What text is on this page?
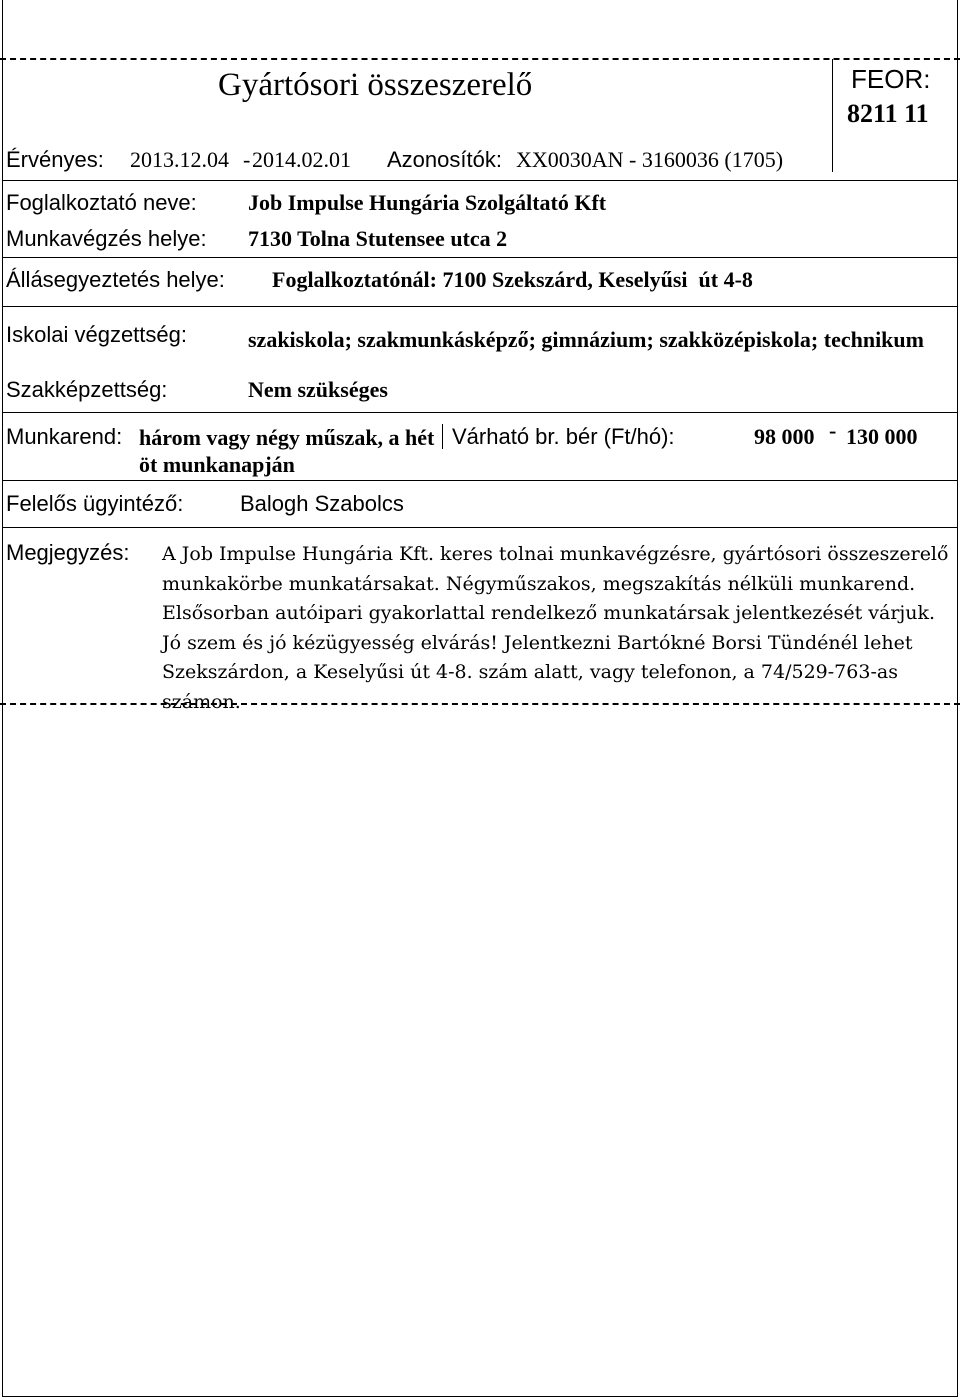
Gyártósori összeszerelő	FEOR:
8211 11
Érvényes: 2013.12.04 - 2014.02.01 Azonosítók: XX0030AN - 3160036 (1705)
Foglalkoztató neve: Job Impulse Hungária Szolgáltató Kft
Munkavégzés helye: 7130 Tolna Stutensee utca 2
Állásegyeztetés helye: Foglalkoztatónál: 7100 Szekszárd, Keselyűsi  út 4-8
Iskolai végzettség:	szakiskola; szakmunkásképző; gimnázium; szakközépiskola; technikum
Szakképzettség:	Nem szükséges
Munkarend: három vagy négy műszak, a hét öt munkanapján
Várható br. bér (Ft/hó):	98 000 - 130 000
Felelős ügyintéző:	Balogh Szabolcs
Megjegyzés: A Job Impulse Hungária Kft. keres tolnai munkavégzésre, gyártósori összeszerelő munkakörbe munkatársakat. Négyműszakos, megszakítás nélküli munkarend. Elsősorban autóipari gyakorlattal rendelkező munkatársak jelentkezését várjuk. Jó szem és jó kézügyesség elvárás! Jelentkezni Bartókné Borsi Tündénél lehet Szekszárdon, a Keselyűsi út 4-8. szám alatt, vagy telefonon, a 74/529-763-as számon.
